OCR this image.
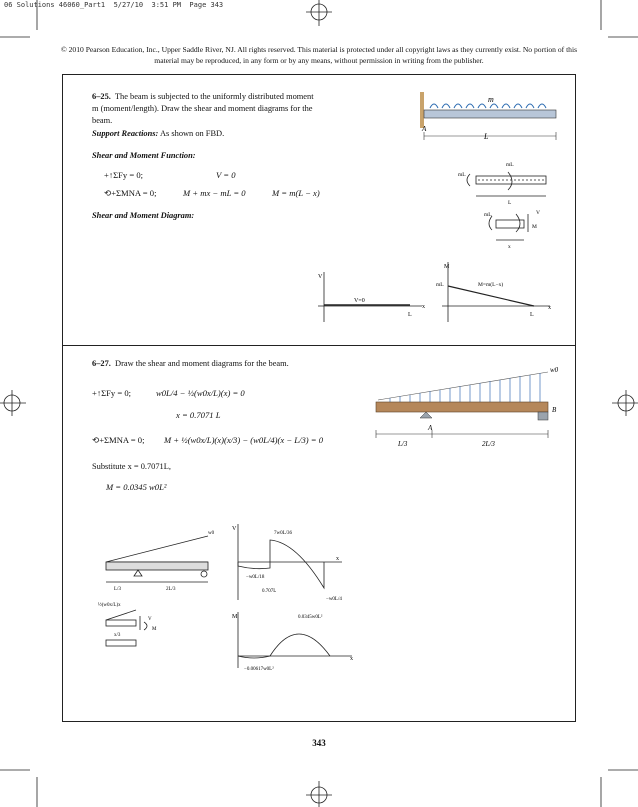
06 Solutions 46060_Part1  5/27/10  3:51 PM  Page 343
© 2010 Pearson Education, Inc., Upper Saddle River, NJ. All rights reserved. This material is protected under all copyright laws as they currently exist. No portion of this material may be reproduced, in any form or by any means, without permission in writing from the publisher.
6–25. The beam is subjected to the uniformly distributed moment m (moment/length). Draw the shear and moment diagrams for the beam.
Support Reactions: As shown on FBD.
Shear and Moment Function:
+↑ΣFy = 0;	V = 0
⟲+ΣMNA = 0;	M + mx − mL = 0	M = m(L − x)
Shear and Moment Diagram:
m
A
L
mL
mL
L
mL
x
V
M
V
V=0
L
x
M
mL	M=m(L−x)
L
x
6–27. Draw the shear and moment diagrams for the beam.
+↑ΣFy = 0;	w0L/4 − ½(w0x/L)(x) = 0
x = 0.7071 L
⟲+ΣMNA = 0; M + ½(w0x/L)(x)(x/3) − (w0L/4)(x − L/3) = 0
Substitute x = 0.7071L,
M = 0.0345 w0L²
w0
A
B
L/3	2L/3
w0
L/3	2L/3
½(w0x/L)x
x/3
V
M
V
7w0L/36
−w0L/18
0.707L
x
−w0L/4
M	0.0345w0L²
−0.00617w0L²
x
343
